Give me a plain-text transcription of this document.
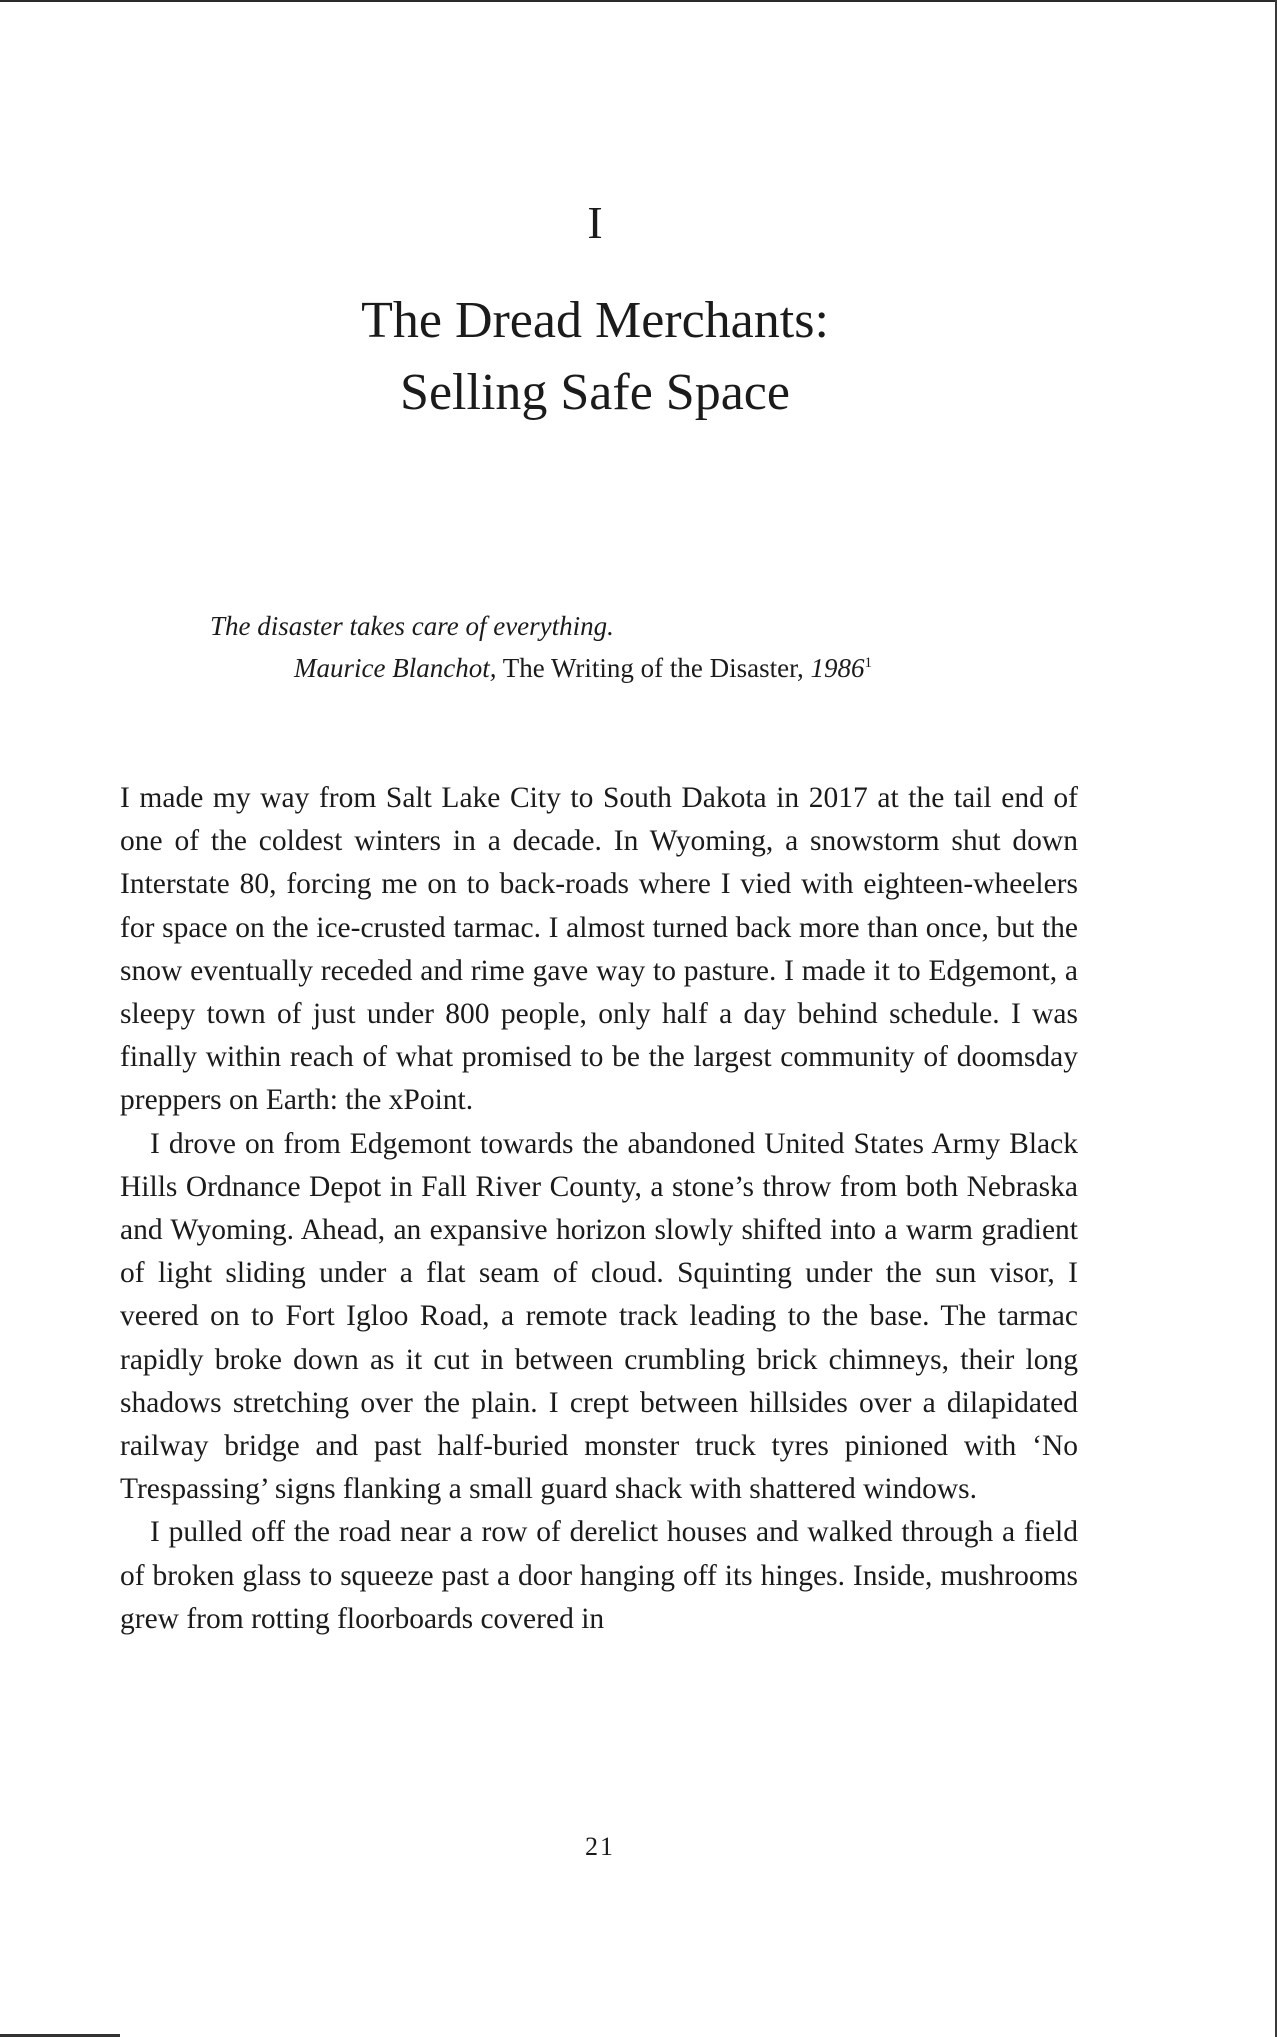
I
The Dread Merchants:
Selling Safe Space
The disaster takes care of everything.
Maurice Blanchot, The Writing of the Disaster, 1986$^1$

I made my way from Salt Lake City to South Dakota in 2017 at the tail end of one of the coldest winters in a decade. In Wyoming, a snowstorm shut down Interstate 80, forcing me on to back-roads where I vied with eighteen-wheelers for space on the ice-crusted tarmac. I almost turned back more than once, but the snow eventually receded and rime gave way to pasture. I made it to Edgemont, a sleepy town of just under 800 people, only half a day behind schedule. I was finally within reach of what promised to be the largest community of doomsday preppers on Earth: the xPoint.

I drove on from Edgemont towards the abandoned United States Army Black Hills Ordnance Depot in Fall River County, a stone’s throw from both Nebraska and Wyoming. Ahead, an expansive horizon slowly shifted into a warm gradient of light sliding under a flat seam of cloud. Squinting under the sun visor, I veered on to Fort Igloo Road, a remote track leading to the base. The tarmac rapidly broke down as it cut in between crumbling brick chimneys, their long shadows stretching over the plain. I crept between hillsides over a dilapidated railway bridge and past half-buried monster truck tyres pinioned with ‘No Trespassing’ signs flanking a small guard shack with shattered windows.

I pulled off the road near a row of derelict houses and walked through a field of broken glass to squeeze past a door hanging off its hinges. Inside, mushrooms grew from rotting floorboards covered in

21
